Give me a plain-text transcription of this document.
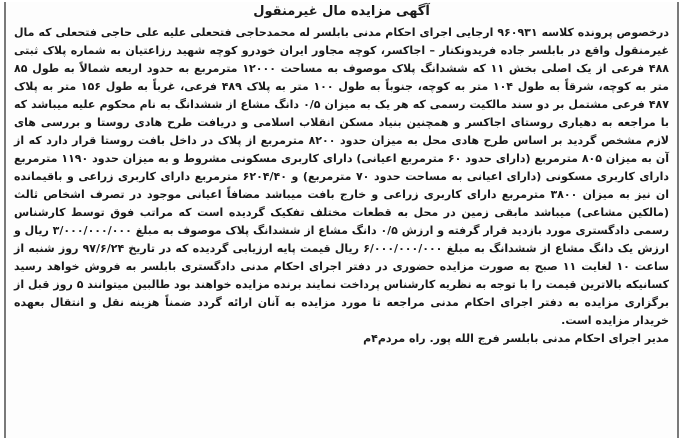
آگهی مزایده مال غیرمنقول

درخصوص پرونده کلاسه ۹۶۰۹۳۱ ارجایی اجرای احکام مدنی بابلسر له محمدحاجی فتحعلی علیه علی حاجی فتحعلی که مال غیرمنقول واقع در بابلسر جاده فریدونکنار – اجاکسر، کوچه مجاور ایران خودرو کوچه شهید رزاعتیان به شماره پلاک ثبتی ۴۸۸ فرعی از یک اصلی بخش ۱۱ که ششدانگ پلاک موصوف به مساحت ۱۲۰۰۰ مترمربع به حدود اربعه شمالاً به طول ۸۵ متر به کوچه، شرقاً به طول ۱۰۴ متر به کوچه، جنوباً به طول ۱۰۰ متر به پلاک ۴۸۹ فرعی، غرباً به طول ۱۵۶ متر به پلاک ۴۸۷ فرعی مشتمل بر دو سند مالکیت رسمی که هر یک به میزان ۰/۵ دانگ مشاع از ششدانگ به نام محکوم علیه میباشد که با مراجعه به دهیاری روستای اجاکسر و همچنین بنیاد مسکن انقلاب اسلامی و دریافت طرح هادی روستا و بررسی های لازم مشخص گردید بر اساس طرح هادی محل به میزان حدود ۸۲۰۰ مترمربع از پلاک در داخل بافت روستا قرار دارد که از آن به میزان ۸۰۵ مترمربع (دارای حدود ۶۰ مترمربع اعیانی) دارای کاربری مسکونی مشروط و به میزان حدود ۱۱۹۰ مترمربع دارای کاربری مسکونی (دارای اعیانی به مساحت حدود ۷۰ مترمربع) و ۶۲۰۴/۴۰ مترمربع دارای کاربری زراعی و باقیمانده ان نیز به میزان ۳۸۰۰ مترمربع دارای کاربری زراعی و خارج بافت میباشد مضافاً اعیانی موجود در تصرف اشخاص ثالث (مالکین مشاعی) میباشد مابقی زمین در محل به قطعات مختلف تفکیک گردیده است که مراتب فوق توسط کارشناس رسمی دادگستری مورد بازدید قرار گرفته و ارزش ۰/۵ دانگ مشاع از ششدانگ پلاک موصوف به مبلغ ۳/۰۰۰/۰۰۰/۰۰۰ ریال و ارزش یک دانگ مشاع از ششدانگ به مبلغ ۶/۰۰۰/۰۰۰/۰۰۰ ریال قیمت پایه ارزیابی گردیده که در تاریخ ۹۷/۶/۲۴ روز شنبه از ساعت ۱۰ لغایت ۱۱ صبح به صورت مزایده حضوری در دفتر اجرای احکام مدنی دادگستری بابلسر به فروش خواهد رسید کسانیکه بالاترین قیمت را با توجه به نظریه کارشناس پرداخت نمایند برنده مزایده خواهند بود طالبین میتوانند ۵ روز قبل از برگزاری مزایده به دفتر اجرای احکام مدنی مراجعه تا مورد مزایده به آنان ارائه گردد ضمناً هزینه نقل و انتقال بعهده خریدار مزایده است.

مدیر اجرای احکام مدنی بابلسر فرج الله پور. راه مردم۴م
